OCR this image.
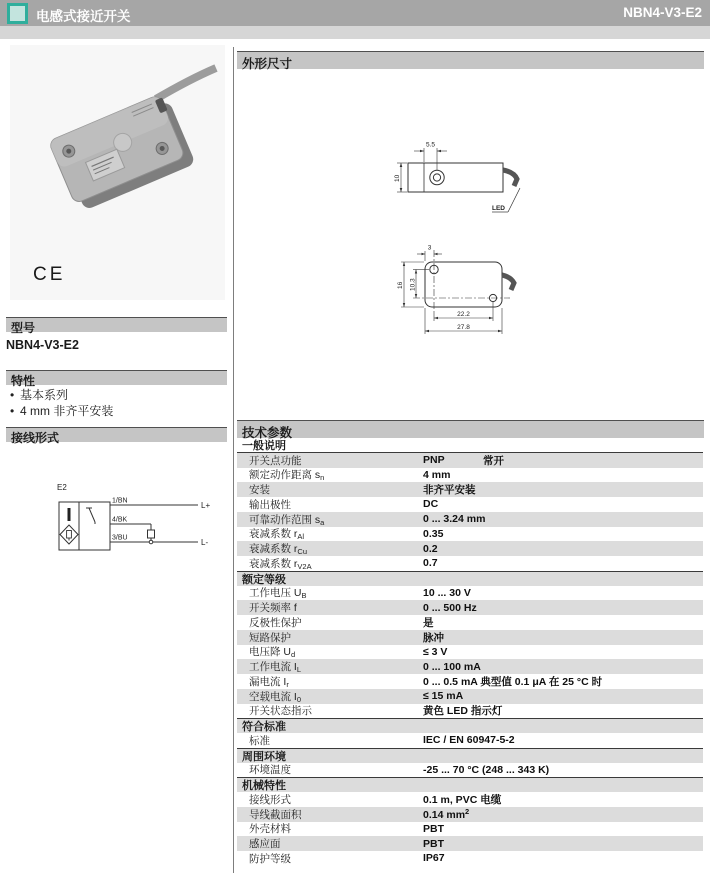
电感式接近开关	NBN4-V3-E2
CE
型号
NBN4-V3-E2
特性
• 基本系列
• 4 mm 非齐平安装
接线形式
E2
1/BN
4/BK
3/BU
L+
L-
外形尺寸
5.5
10
LED
3
16 10.3
22.2
27.8
技术参数
一般说明
开关点功能	PNP	常开
额定动作距离 $s_n$	4 mm
安装	非齐平安装
输出极性	DC
可靠动作范围 $s_a$	0 ... 3.24 mm
衰减系数 $r_{Al}$	0.35
衰减系数 $r_{Cu}$	0.2
衰减系数 $r_{V2A}$	0.7
额定等级
工作电压 $U_B$	10 ... 30 V
开关频率 f	0 ... 500 Hz
反极性保护	是
短路保护	脉冲
电压降 $U_d$	≤ 3 V
工作电流 $I_L$	0 ... 100 mA
漏电流 $I_r$	0 ... 0.5 mA 典型值 0.1 μA 在 25 °C 时
空载电流 $I_0$	≤ 15 mA
开关状态指示	黄色 LED 指示灯
符合标准
标准	IEC / EN 60947-5-2
周围环境
环境温度	-25 ... 70 °C (248 ... 343 K)
机械特性
接线形式	0.1 m, PVC 电缆
导线截面积	0.14 $mm^2$
外壳材料	PBT
感应面	PBT
防护等级	IP67
